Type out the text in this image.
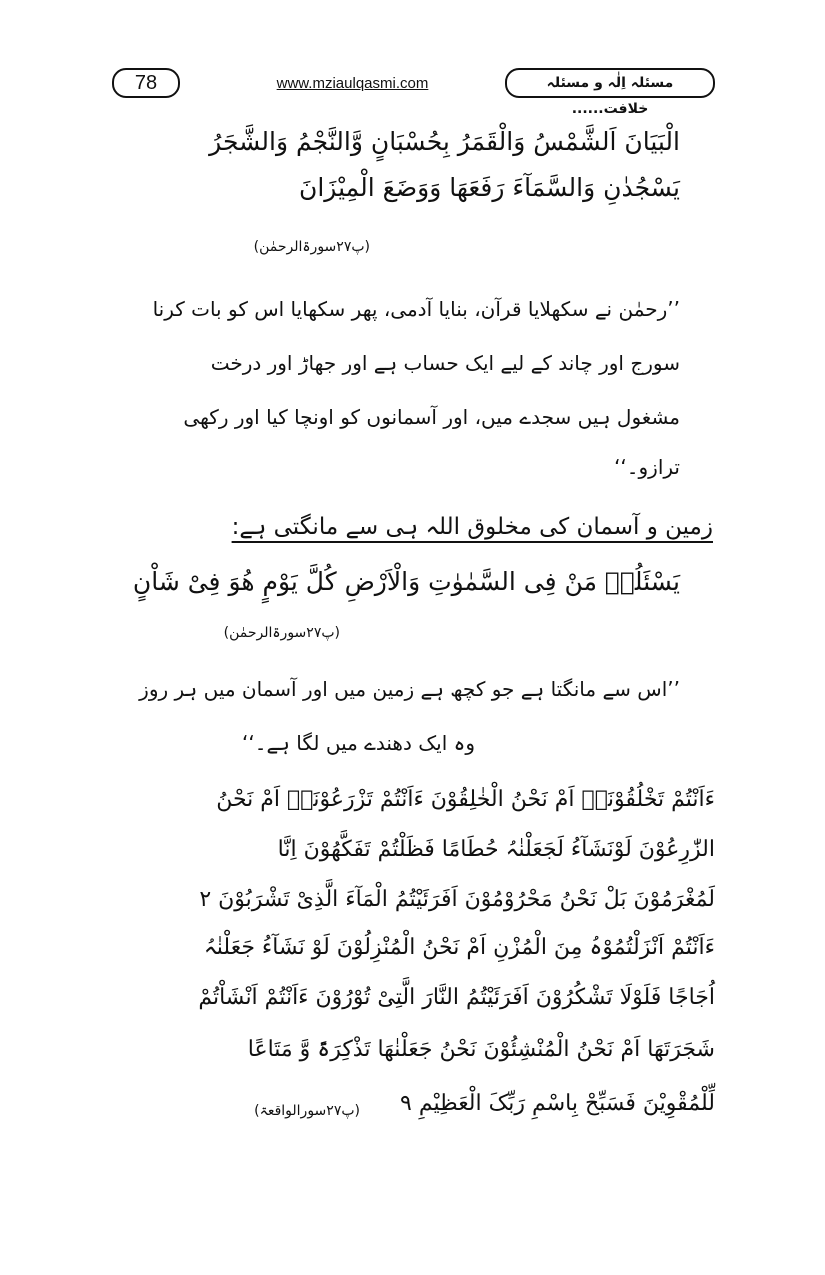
78	www.mziaulqasmi.com	مسئلہ اِلٰہ و مسئلہ خلافت......
الْبَیَانَ اَلشَّمْسُ وَالْقَمَرُ بِحُسْبَانٍ وَّالنَّجْمُ وَالشَّجَرُ
یَسْجُدٰنِ وَالسَّمَآءَ رَفَعَھَا وَوَضَعَ الْمِیْزَانَ
(پ۲۷سورۃالرحمٰن)
’’رحمٰن نے سکھلایا قرآن، بنایا آدمی، پھر سکھایا اس کو بات کرنا
سورج اور چاند کے لیے ایک حساب ہے اور جھاڑ اور درخت
مشغول ہیں سجدے میں، اور آسمانوں کو اونچا کیا اور رکھی
ترازو۔‘‘
زمین و آسمان کی مخلوق اللہ ہی سے مانگتی ہے:
یَسْئَلُہٗ مَنْ فِی السَّمٰوٰتِ وَالْاَرْضِ کُلَّ یَوْمٍ ھُوَ فِیْ شَاْنٍ
(پ۲۷سورۃالرحمٰن)
’’اس سے مانگتا ہے جو کچھ ہے زمین میں اور آسمان میں ہر روز
وہ ایک دھندے میں لگا ہے۔‘‘
ءَاَنْتُمْ تَخْلُقُوْنَہٗ اَمْ نَحْنُ الْخٰلِقُوْنَ ءَاَنْتُمْ تَزْرَعُوْنَہٗ اَمْ نَحْنُ
الزّٰرِعُوْنَ لَوْنَشَآءُ لَجَعَلْنٰہُ حُطَامًا فَظَلْتُمْ تَفَکَّھُوْنَ اِنَّا
لَمُغْرَمُوْنَ بَلْ نَحْنُ مَحْرُوْمُوْنَ اَفَرَئَیْتُمُ الْمَآءَ الَّذِیْ تَشْرَبُوْنَ ۲
ءَاَنْتُمْ اَنْزَلْتُمُوْہُ مِنَ الْمُزْنِ اَمْ نَحْنُ الْمُنْزِلُوْنَ لَوْ نَشَآءُ جَعَلْنٰہُ
اُجَاجًا فَلَوْلَا تَشْکُرُوْنَ اَفَرَئَیْتُمُ النَّارَ الَّتِیْ تُوْرُوْنَ ءَاَنْتُمْ اَنْشَاْتُمْ
شَجَرَتَھَا اَمْ نَحْنُ الْمُنْشِئُوْنَ نَحْنُ جَعَلْنٰھَا تَذْکِرَۃً وَّ مَتَاعًا
لِّلْمُقْوِیْنَ فَسَبِّحْ بِاسْمِ رَبِّکَ الْعَظِیْمِ ۹
(پ۲۷سورالواقعۃ)
